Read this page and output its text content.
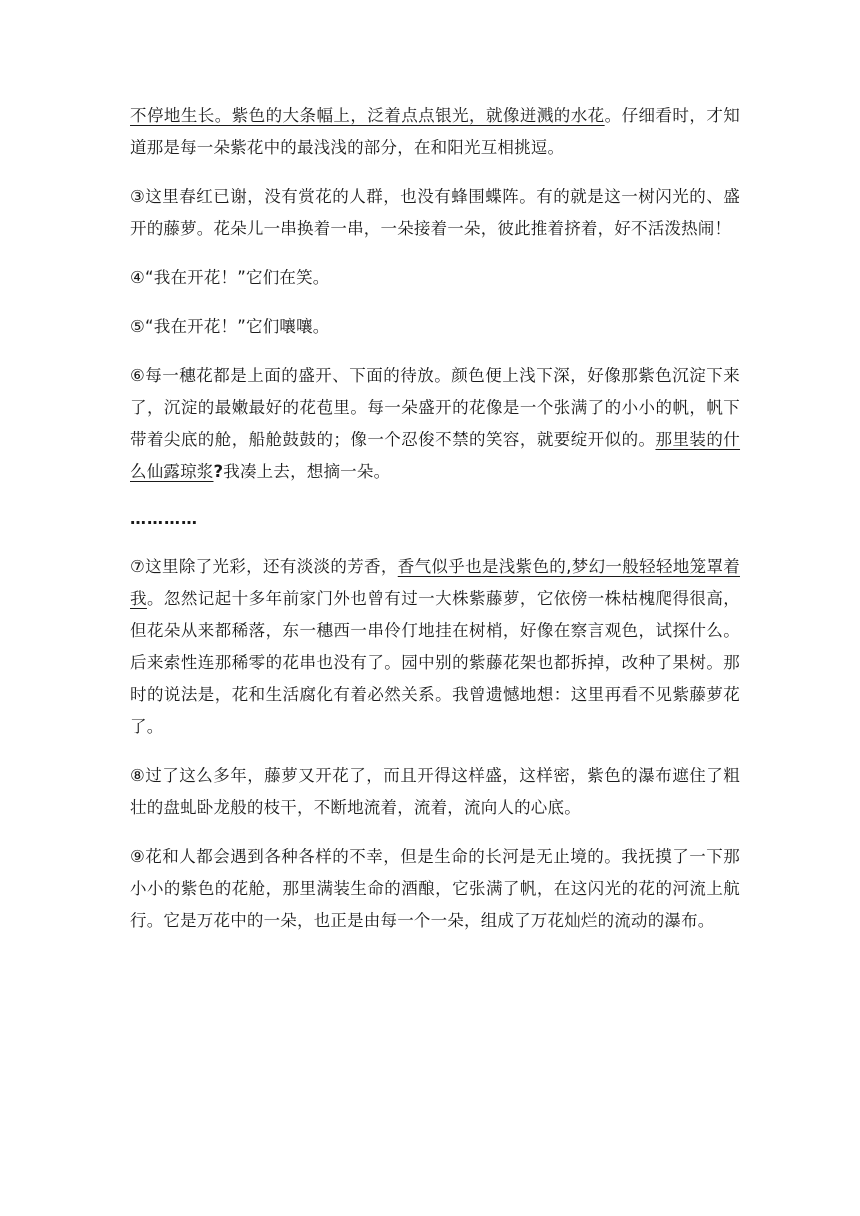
不停地生长。紫色的大条幅上，泛着点点银光，就像迸溅的水花。仔细看时，才知道那是每一朵紫花中的最浅浅的部分，在和阳光互相挑逗。

③这里春红已谢，没有赏花的人群，也没有蜂围蝶阵。有的就是这一树闪光的、盛开的藤萝。花朵儿一串换着一串，一朵接着一朵，彼此推着挤着，好不活泼热闹！

④“我在开花！”它们在笑。

⑤“我在开花！”它们嚷嚷。

⑥每一穗花都是上面的盛开、下面的待放。颜色便上浅下深，好像那紫色沉淀下来了，沉淀的最嫩最好的花苞里。每一朵盛开的花像是一个张满了的小小的帆，帆下带着尖底的舱，船舱鼓鼓的；像一个忍俊不禁的笑容，就要绽开似的。那里装的什么仙露琼浆?我凑上去，想摘一朵。

…………

⑦这里除了光彩，还有淡淡的芳香，香气似乎也是浅紫色的,梦幻一般轻轻地笼罩着我。忽然记起十多年前家门外也曾有过一大株紫藤萝，它依傍一株枯槐爬得很高，但花朵从来都稀落，东一穗西一串伶仃地挂在树梢，好像在察言观色，试探什么。后来索性连那稀零的花串也没有了。园中别的紫藤花架也都拆掉，改种了果树。那时的说法是，花和生活腐化有着必然关系。我曾遗憾地想：这里再看不见紫藤萝花了。

⑧过了这么多年，藤萝又开花了，而且开得这样盛，这样密，紫色的瀑布遮住了粗壮的盘虬卧龙般的枝干，不断地流着，流着，流向人的心底。

⑨花和人都会遇到各种各样的不幸，但是生命的长河是无止境的。我抚摸了一下那小小的紫色的花舱，那里满装生命的酒酿，它张满了帆，在这闪光的花的河流上航行。它是万花中的一朵，也正是由每一个一朵，组成了万花灿烂的流动的瀑布。
